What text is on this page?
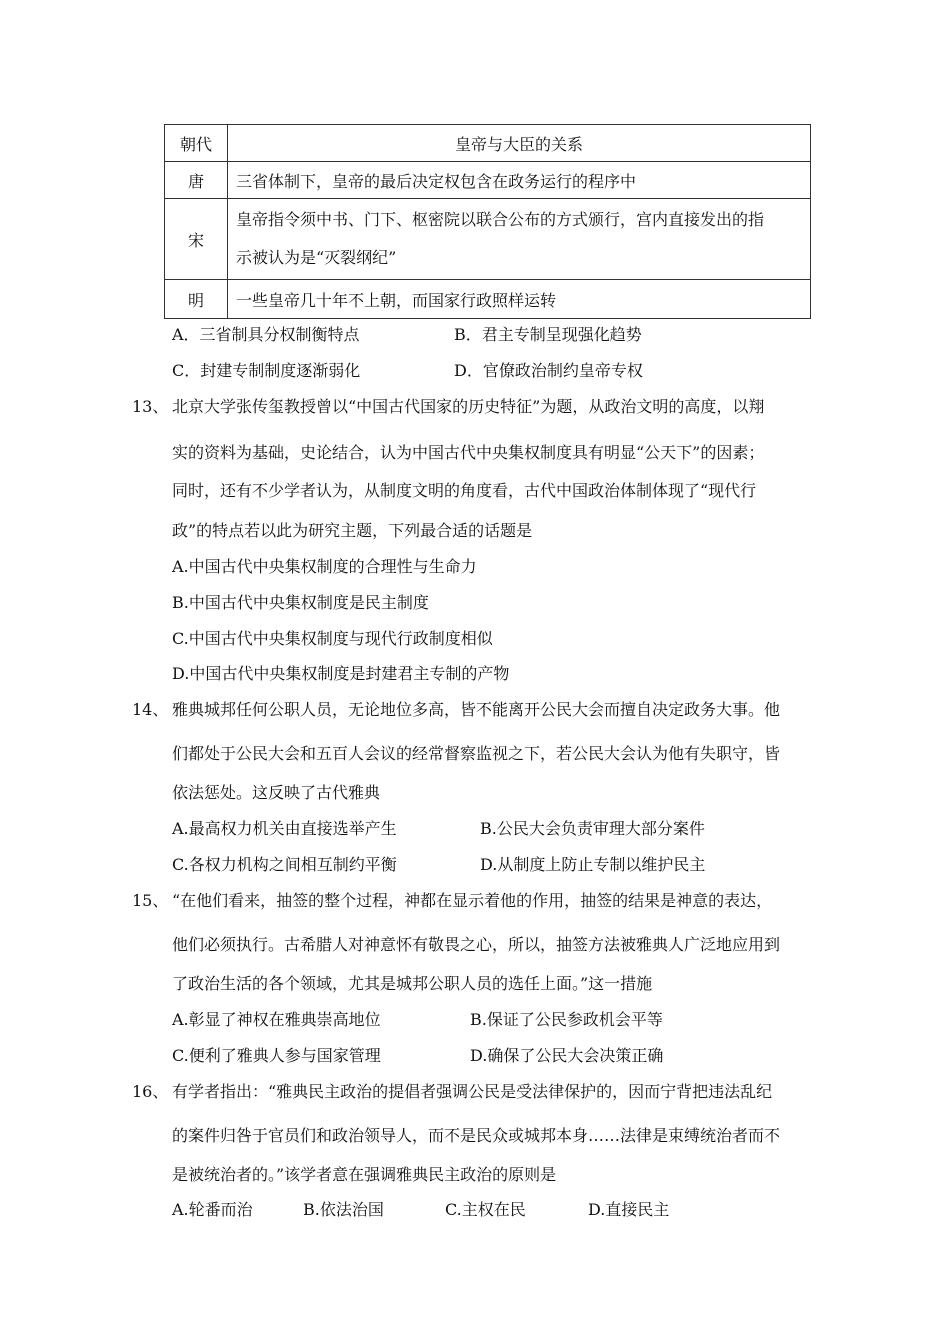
朝代	皇帝与大臣的关系
唐	三省体制下，皇帝的最后决定权包含在政务运行的程序中
宋	皇帝指令须中书、门下、枢密院以联合公布的方式颁行，宫内直接发出的指
示被认为是“灭裂纲纪”
明	一些皇帝几十年不上朝，而国家行政照样运转
A．三省制具分权制衡特点	B．君主专制呈现强化趋势
C．封建专制制度逐渐弱化	D．官僚政治制约皇帝专权
13、 北京大学张传玺教授曾以“中国古代国家的历史特征”为题，从政治文明的高度，以翔
实的资料为基础，史论结合，认为中国古代中央集权制度具有明显“公天下”的因素；
同时，还有不少学者认为，从制度文明的角度看，古代中国政治体制体现了“现代行
政”的特点若以此为研究主题，下列最合适的话题是
A.中国古代中央集权制度的合理性与生命力
B.中国古代中央集权制度是民主制度
C.中国古代中央集权制度与现代行政制度相似
D.中国古代中央集权制度是封建君主专制的产物
14、 雅典城邦任何公职人员，无论地位多高，皆不能离开公民大会而擅自决定政务大事。他
们都处于公民大会和五百人会议的经常督察监视之下，若公民大会认为他有失职守，皆
依法惩处。这反映了古代雅典
A.最高权力机关由直接选举产生	B.公民大会负责审理大部分案件
C.各权力机构之间相互制约平衡	D.从制度上防止专制以维护民主
15、 “在他们看来，抽签的整个过程，神都在显示着他的作用，抽签的结果是神意的表达，
他们必须执行。古希腊人对神意怀有敬畏之心，所以，抽签方法被雅典人广泛地应用到
了政治生活的各个领域，尤其是城邦公职人员的选任上面。”这一措施
A.彰显了神权在雅典崇高地位	B.保证了公民参政机会平等
C.便利了雅典人参与国家管理	D.确保了公民大会决策正确
16、 有学者指出：“雅典民主政治的提倡者强调公民是受法律保护的，因而宁背把违法乱纪
的案件归咎于官员们和政治领导人，而不是民众或城邦本身……法律是束缚统治者而不
是被统治者的。”该学者意在强调雅典民主政治的原则是
A.轮番而治	B.依法治国	C.主权在民	D.直接民主
